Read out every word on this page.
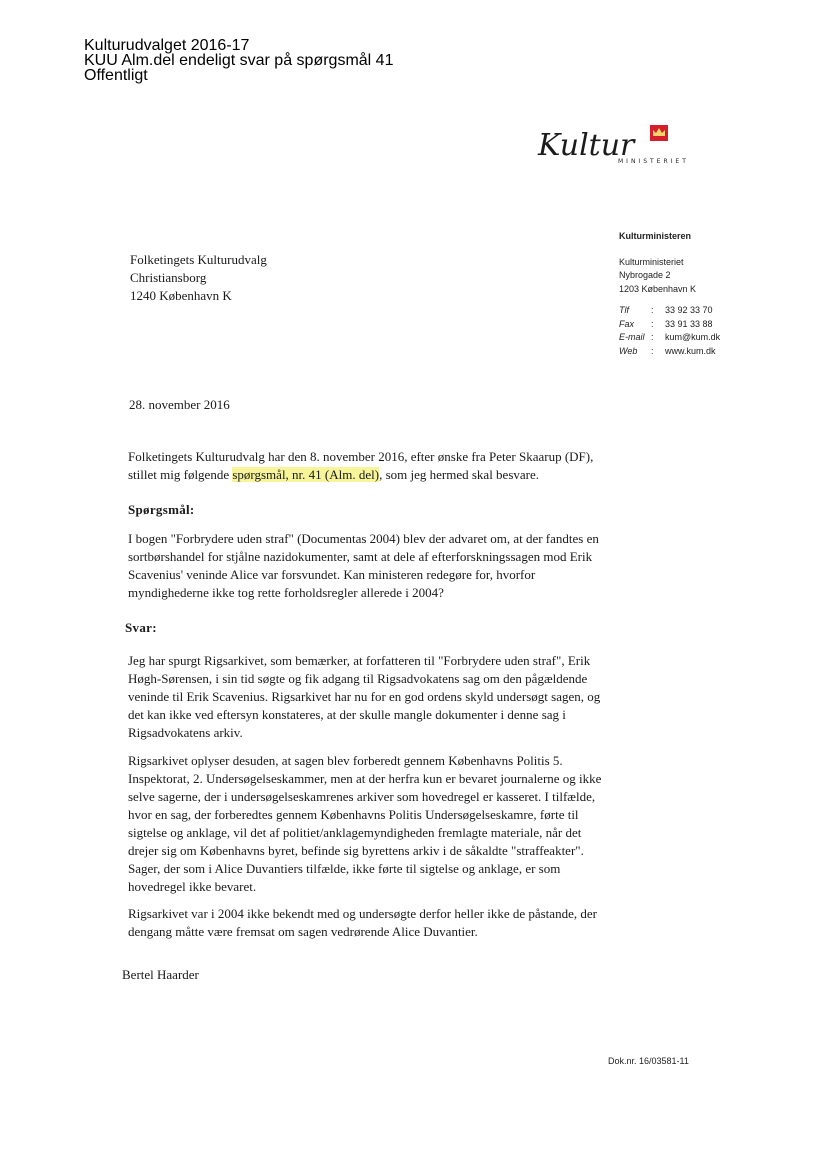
Kulturudvalget 2016-17
KUU Alm.del endeligt svar på spørgsmål 41
Offentligt
Kultur
MINISTERIET
Kulturministeren
Kulturministeriet
Nybrogade 2
1203 København K
Tlf	:	33 92 33 70
Fax	:	33 91 33 88
E-mail :	kum@kum.dk
Web	:	www.kum.dk
Folketingets Kulturudvalg
Christiansborg
1240 København K
28. november 2016
Folketingets Kulturudvalg har den 8. november 2016, efter ønske fra Peter Skaarup (DF), stillet mig følgende spørgsmål, nr. 41 (Alm. del), som jeg hermed skal besvare.
Spørgsmål:
I bogen "Forbrydere uden straf" (Documentas 2004) blev der advaret om, at der fandtes en sortbørshandel for stjålne nazidokumenter, samt at dele af efterforskningssagen mod Erik Scavenius' veninde Alice var forsvundet. Kan ministeren redegøre for, hvorfor myndighederne ikke tog rette forholdsregler allerede i 2004?
Svar:
Jeg har spurgt Rigsarkivet, som bemærker, at forfatteren til "Forbrydere uden straf", Erik Høgh-Sørensen, i sin tid søgte og fik adgang til Rigsadvokatens sag om den pågældende veninde til Erik Scavenius. Rigsarkivet har nu for en god ordens skyld undersøgt sagen, og det kan ikke ved eftersyn konstateres, at der skulle mangle dokumenter i denne sag i Rigsadvokatens arkiv.
Rigsarkivet oplyser desuden, at sagen blev forberedt gennem Københavns Politis 5. Inspektorat, 2. Undersøgelseskammer, men at der herfra kun er bevaret journalerne og ikke selve sagerne, der i undersøgelseskamrenes arkiver som hovedregel er kasseret. I tilfælde, hvor en sag, der forberedtes gennem Københavns Politis Undersøgelseskamre, førte til sigtelse og anklage, vil det af politiet/anklagemyndigheden fremlagte materiale, når det drejer sig om Københavns byret, befinde sig byrettens arkiv i de såkaldte "straffeakter". Sager, der som i Alice Duvantiers tilfælde, ikke førte til sigtelse og anklage, er som hovedregel ikke bevaret.
Rigsarkivet var i 2004 ikke bekendt med og undersøgte derfor heller ikke de påstande, der dengang måtte være fremsat om sagen vedrørende Alice Duvantier.
Bertel Haarder
Dok.nr. 16/03581-11
